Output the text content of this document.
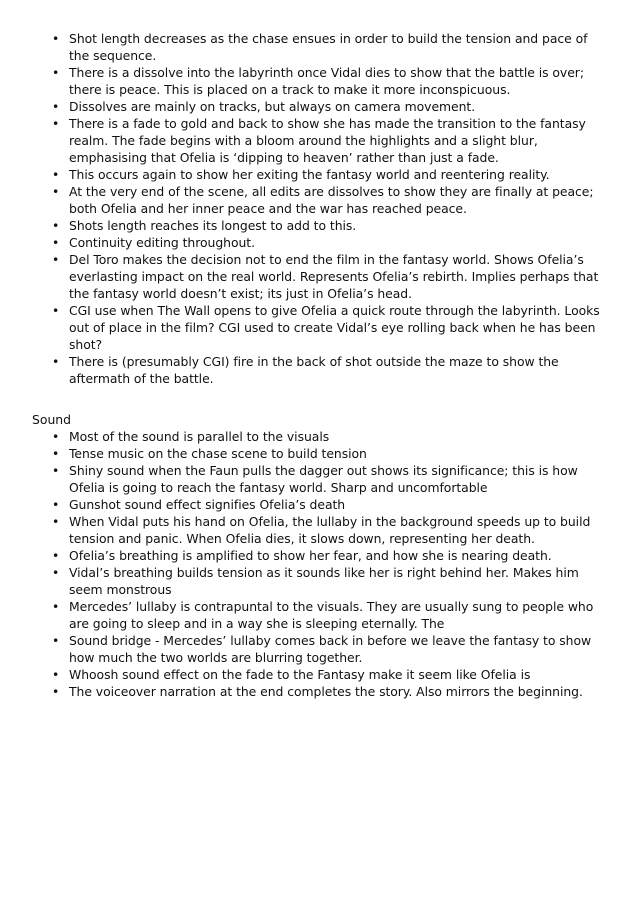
• Shot length decreases as the chase ensues in order to build the tension and pace of the sequence.
• There is a dissolve into the labyrinth once Vidal dies to show that the battle is over; there is peace. This is placed on a track to make it more inconspicuous.
• Dissolves are mainly on tracks, but always on camera movement.
• There is a fade to gold and back to show she has made the transition to the fantasy realm. The fade begins with a bloom around the highlights and a slight blur, emphasising that Ofelia is ‘dipping to heaven’ rather than just a fade.
• This occurs again to show her exiting the fantasy world and reentering reality.
• At the very end of the scene, all edits are dissolves to show they are finally at peace; both Ofelia and her inner peace and the war has reached peace.
• Shots length reaches its longest to add to this.
• Continuity editing throughout.
• Del Toro makes the decision not to end the film in the fantasy world. Shows Ofelia’s everlasting impact on the real world. Represents Ofelia’s rebirth. Implies perhaps that the fantasy world doesn’t exist; its just in Ofelia’s head.
• CGI use when The Wall opens to give Ofelia a quick route through the labyrinth. Looks out of place in the film? CGI used to create Vidal’s eye rolling back when he has been shot?
• There is (presumably CGI) fire in the back of shot outside the maze to show the aftermath of the battle.
Sound
• Most of the sound is parallel to the visuals
• Tense music on the chase scene to build tension
• Shiny sound when the Faun pulls the dagger out shows its significance; this is how Ofelia is going to reach the fantasy world. Sharp and uncomfortable
• Gunshot sound effect signifies Ofelia’s death
• When Vidal puts his hand on Ofelia, the lullaby in the background speeds up to build tension and panic. When Ofelia dies, it slows down, representing her death.
• Ofelia’s breathing is amplified to show her fear, and how she is nearing death.
• Vidal’s breathing builds tension as it sounds like her is right behind her. Makes him seem monstrous
• Mercedes’ lullaby is contrapuntal to the visuals. They are usually sung to people who are going to sleep and in a way she is sleeping eternally. The
• Sound bridge - Mercedes’ lullaby comes back in before we leave the fantasy to show how much the two worlds are blurring together.
• Whoosh sound effect on the fade to the Fantasy make it seem like Ofelia is
• The voiceover narration at the end completes the story. Also mirrors the beginning.
